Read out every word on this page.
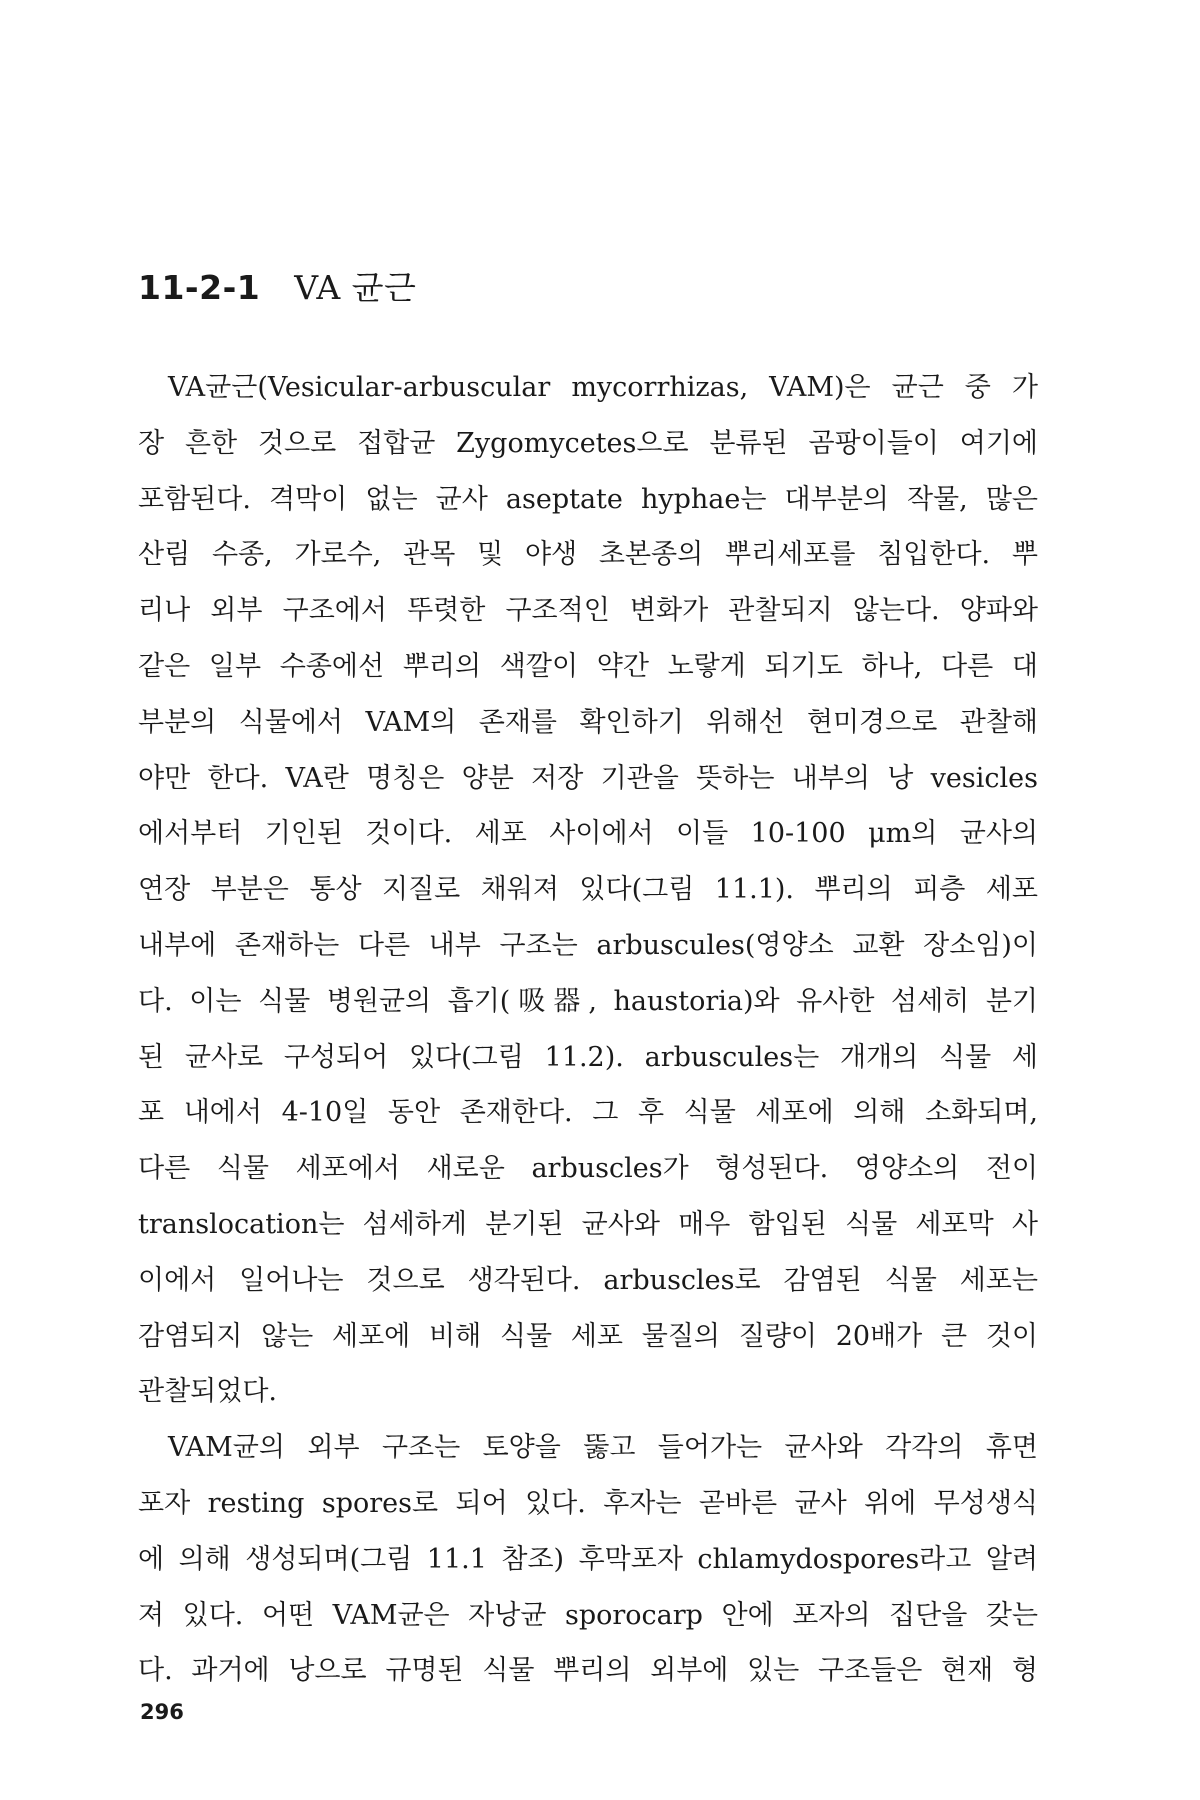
11-2-1 VA 균근
VA균근(Vesicular-arbuscular mycorrhizas, VAM)은 균근 중 가
장 흔한 것으로 접합균 Zygomycetes으로 분류된 곰팡이들이 여기에
포함된다. 격막이 없는 균사 aseptate hyphae는 대부분의 작물, 많은
산림 수종, 가로수, 관목 및 야생 초본종의 뿌리세포를 침입한다. 뿌
리나 외부 구조에서 뚜렷한 구조적인 변화가 관찰되지 않는다. 양파와
같은 일부 수종에선 뿌리의 색깔이 약간 노랗게 되기도 하나, 다른 대
부분의 식물에서 VAM의 존재를 확인하기 위해선 현미경으로 관찰해
야만 한다. VA란 명칭은 양분 저장 기관을 뜻하는 내부의 낭 vesicles
에서부터 기인된 것이다. 세포 사이에서 이들 10-100 μm의 균사의
연장 부분은 통상 지질로 채워져 있다(그림 11.1). 뿌리의 피층 세포
내부에 존재하는 다른 내부 구조는 arbuscules(영양소 교환 장소임)이
다. 이는 식물 병원균의 흡기(吸器, haustoria)와 유사한 섬세히 분기
된 균사로 구성되어 있다(그림 11.2). arbuscules는 개개의 식물 세
포 내에서 4-10일 동안 존재한다. 그 후 식물 세포에 의해 소화되며,
다른 식물 세포에서 새로운 arbuscles가 형성된다. 영양소의 전이
translocation는 섬세하게 분기된 균사와 매우 함입된 식물 세포막 사
이에서 일어나는 것으로 생각된다. arbuscles로 감염된 식물 세포는
감염되지 않는 세포에 비해 식물 세포 물질의 질량이 20배가 큰 것이
관찰되었다.
VAM균의 외부 구조는 토양을 뚫고 들어가는 균사와 각각의 휴면
포자 resting spores로 되어 있다. 후자는 곧바른 균사 위에 무성생식
에 의해 생성되며(그림 11.1 참조) 후막포자 chlamydospores라고 알려
져 있다. 어떤 VAM균은 자낭균 sporocarp 안에 포자의 집단을 갖는
다. 과거에 낭으로 규명된 식물 뿌리의 외부에 있는 구조들은 현재 형
296
